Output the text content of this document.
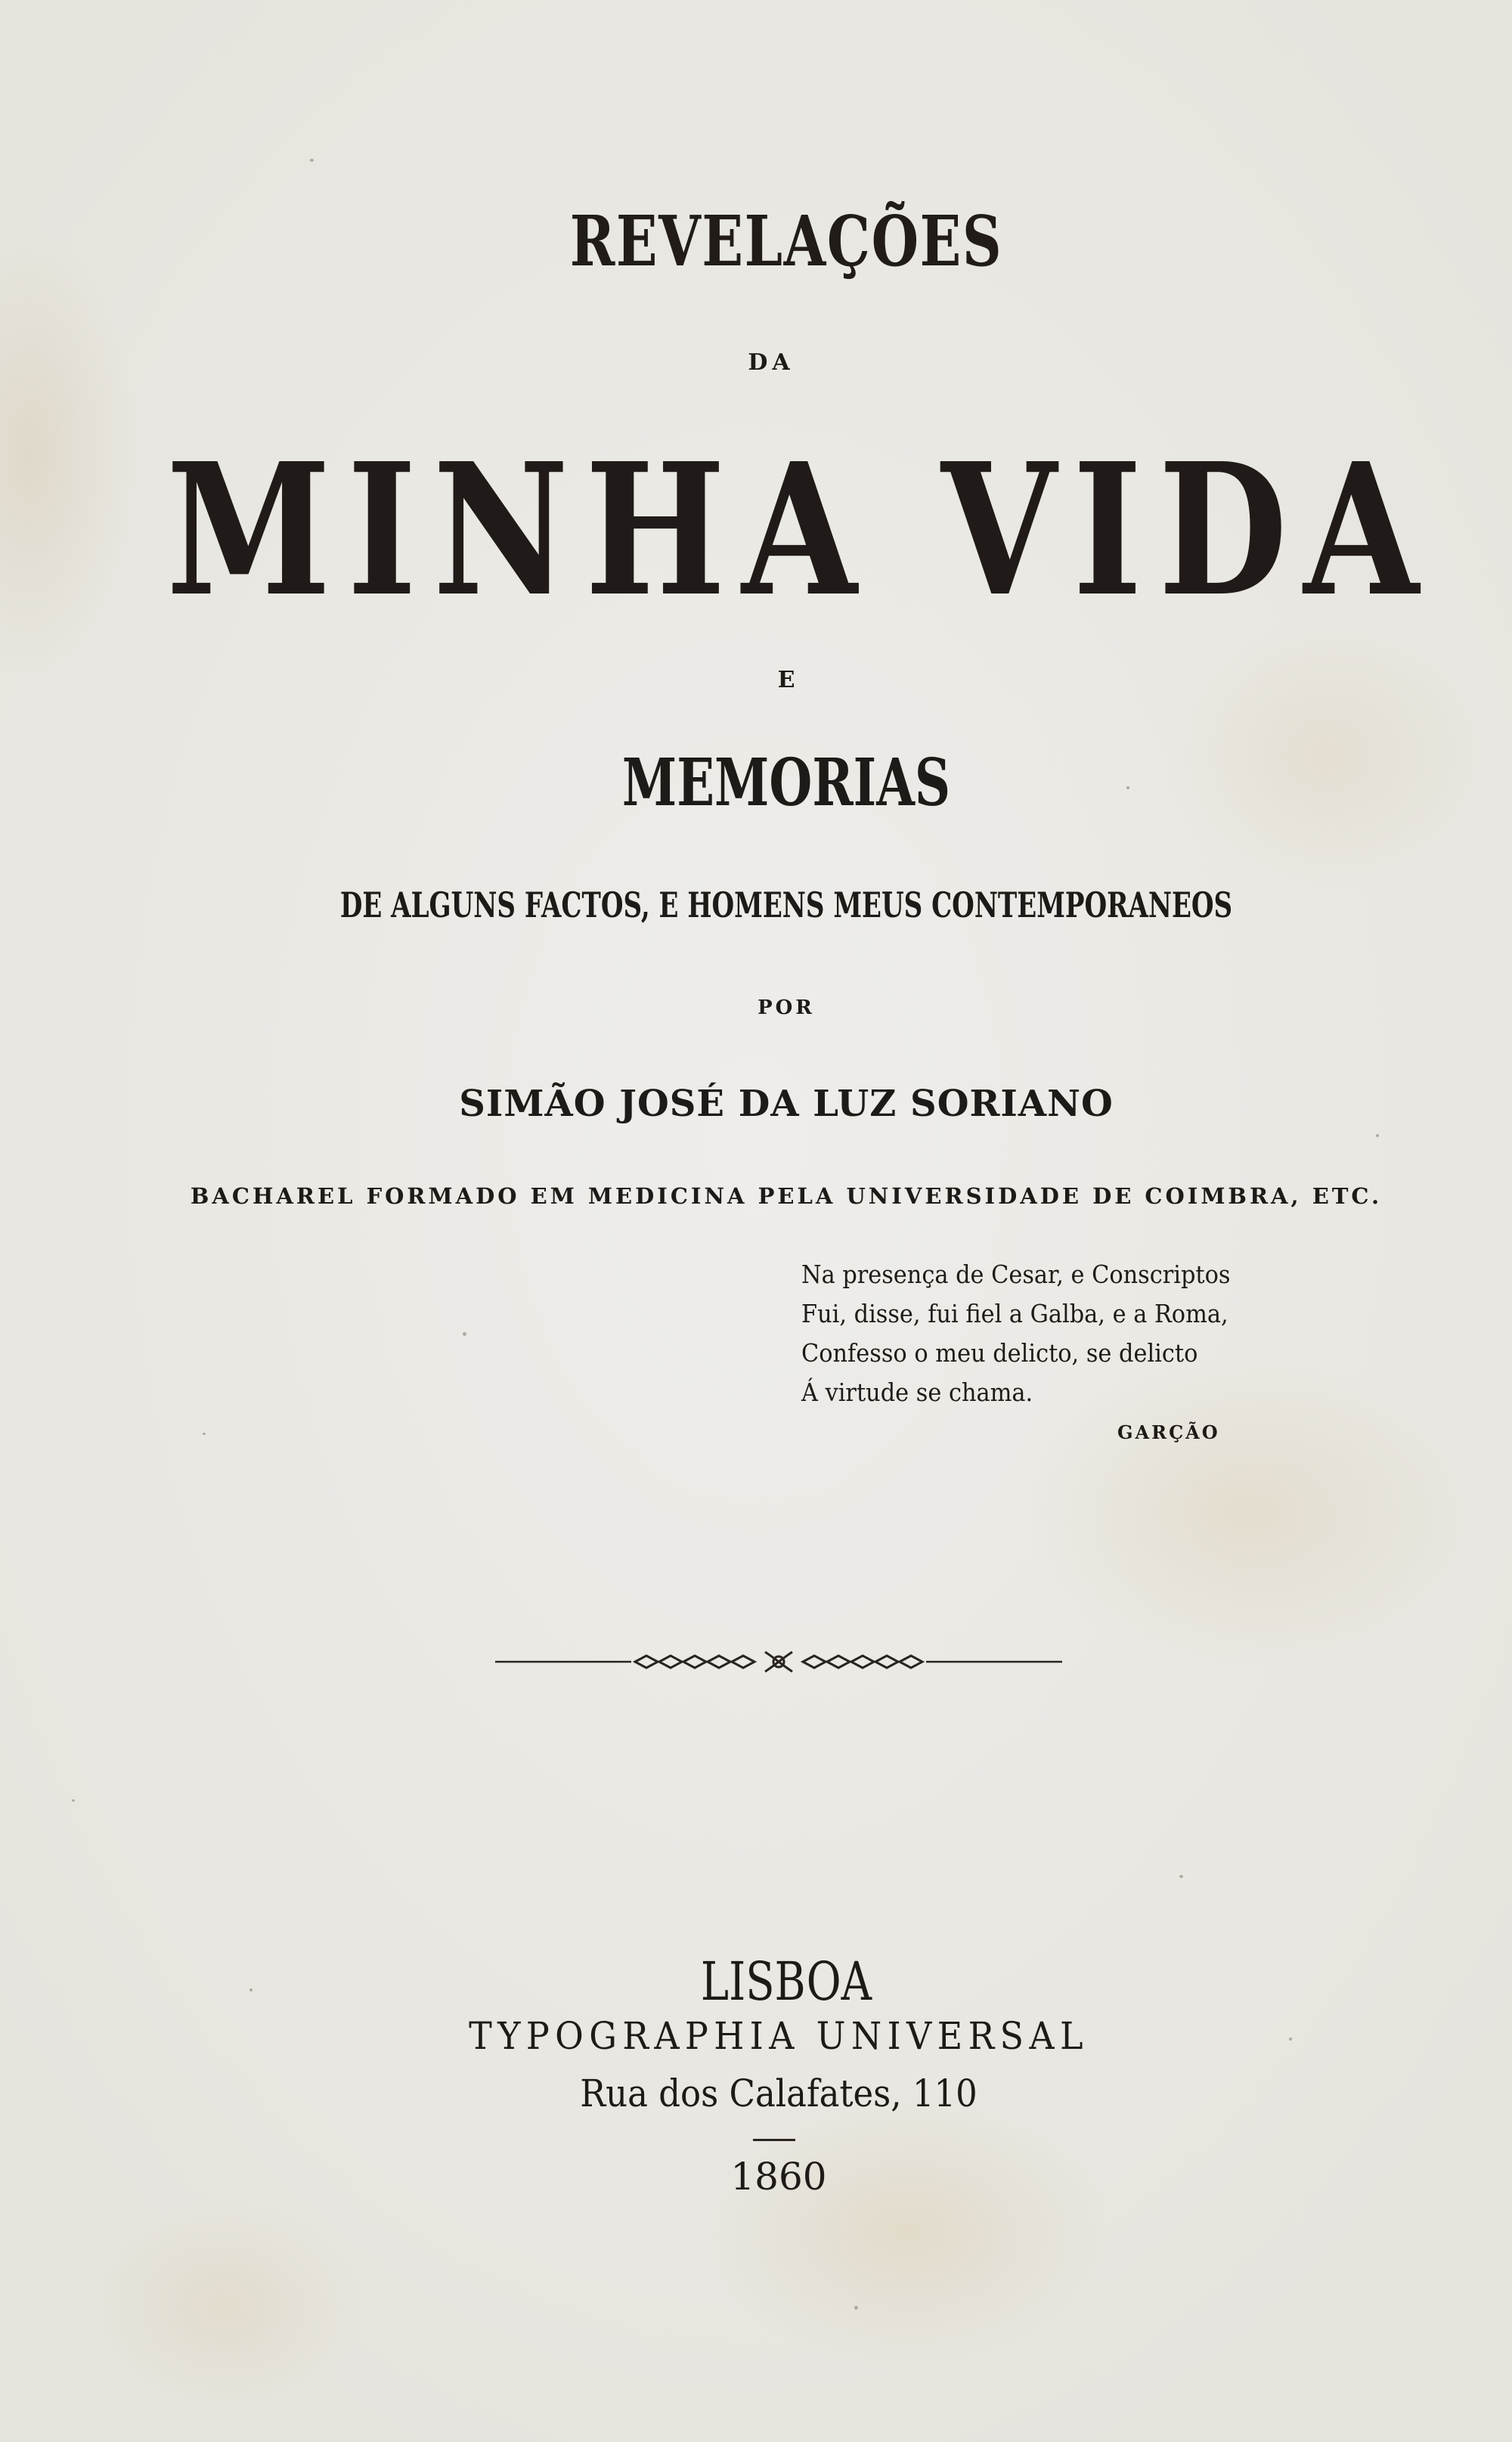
REVELAÇÕES
DA
MINHA VIDA
E
MEMORIAS
DE ALGUNS FACTOS, E HOMENS MEUS CONTEMPORANEOS
POR
SIMÃO JOSÉ DA LUZ SORIANO
BACHAREL FORMADO EM MEDICINA PELA UNIVERSIDADE DE COIMBRA, ETC.
Na presença de Cesar, e Conscriptos
Fui, disse, fui fiel a Galba, e a Roma,
Confesso o meu delicto, se delicto
Á virtude se chama.
GARÇÃO
LISBOA
TYPOGRAPHIA UNIVERSAL
Rua dos Calafates, 110
1860
